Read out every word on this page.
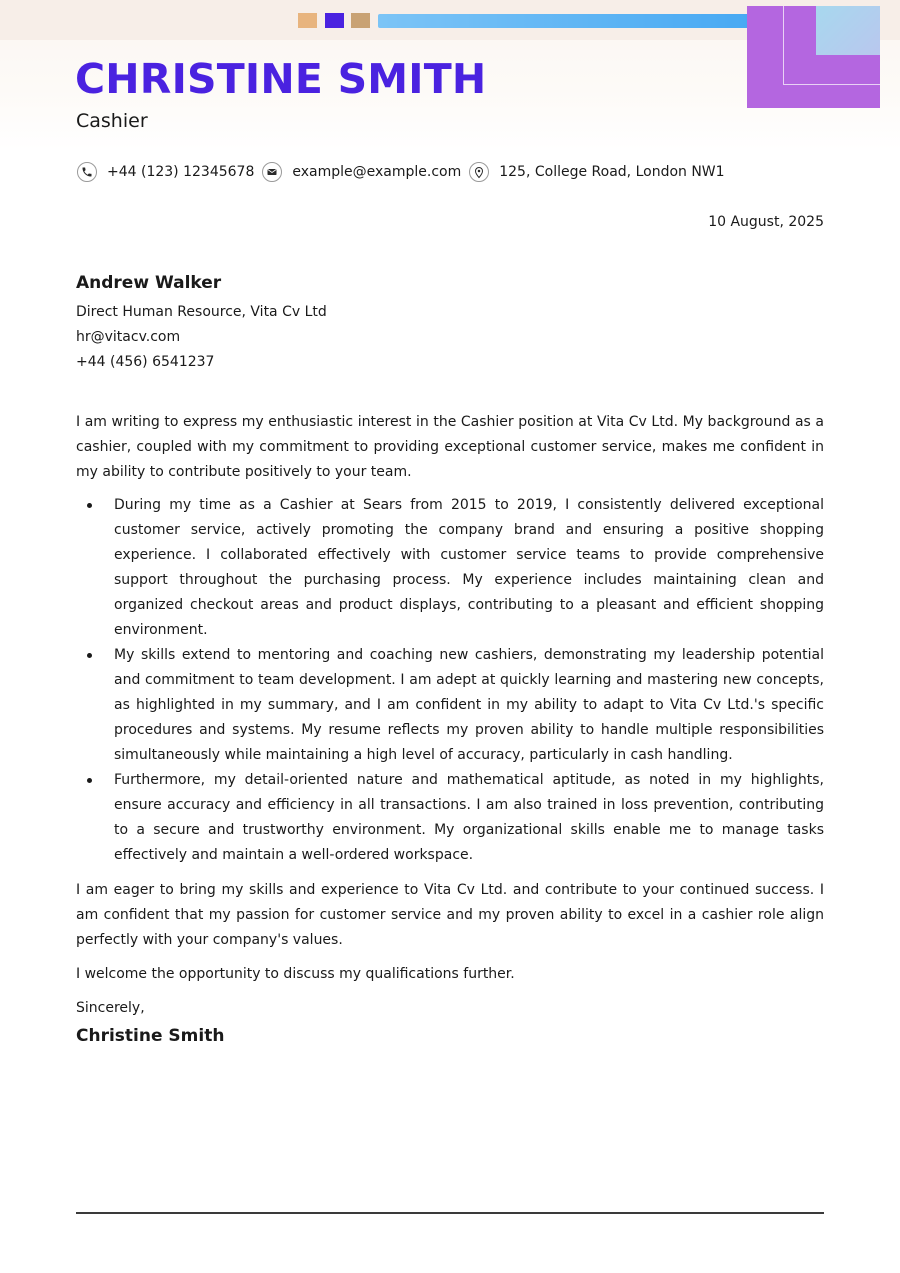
CHRISTINE SMITH
Cashier
+44 (123) 12345678	example@example.com	125, College Road, London NW1
10 August, 2025
Andrew Walker
Direct Human Resource, Vita Cv Ltd
hr@vitacv.com
+44 (456) 6541237

I am writing to express my enthusiastic interest in the Cashier position at Vita Cv Ltd. My background as a cashier, coupled with my commitment to providing exceptional customer service, makes me confident in my ability to contribute positively to your team.

During my time as a Cashier at Sears from 2015 to 2019, I consistently delivered exceptional customer service, actively promoting the company brand and ensuring a positive shopping experience. I collaborated effectively with customer service teams to provide comprehensive support throughout the purchasing process. My experience includes maintaining clean and organized checkout areas and product displays, contributing to a pleasant and efficient shopping environment.
My skills extend to mentoring and coaching new cashiers, demonstrating my leadership potential and commitment to team development. I am adept at quickly learning and mastering new concepts, as highlighted in my summary, and I am confident in my ability to adapt to Vita Cv Ltd.'s specific procedures and systems. My resume reflects my proven ability to handle multiple responsibilities simultaneously while maintaining a high level of accuracy, particularly in cash handling.
Furthermore, my detail-oriented nature and mathematical aptitude, as noted in my highlights, ensure accuracy and efficiency in all transactions. I am also trained in loss prevention, contributing to a secure and trustworthy environment. My organizational skills enable me to manage tasks effectively and maintain a well-ordered workspace.

I am eager to bring my skills and experience to Vita Cv Ltd. and contribute to your continued success. I am confident that my passion for customer service and my proven ability to excel in a cashier role align perfectly with your company's values.

I welcome the opportunity to discuss my qualifications further.

Sincerely,

Christine Smith
